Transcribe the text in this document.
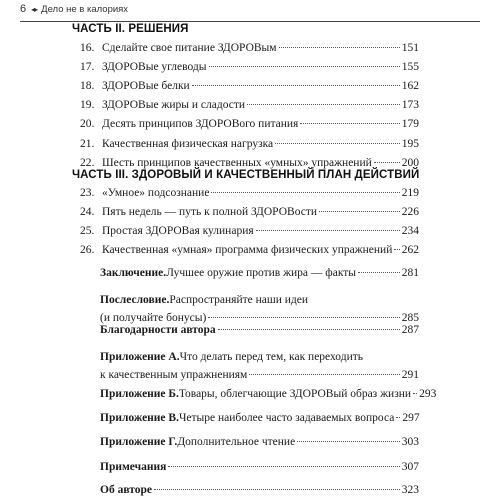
6 ◂▸ Дело не в калориях
ЧАСТЬ II. РЕШЕНИЯ
16. Сделайте свое питание ЗДОРОВым	151
17. ЗДОРОВые углеводы	155
18. ЗДОРОВые белки	162
19. ЗДОРОВые жиры и сладости	173
20. Десять принципов ЗДОРОВого питания	179
21. Качественная физическая нагрузка	195
22. Шесть принципов качественных «умных» упражнений	200
ЧАСТЬ III. ЗДОРОВЫЙ И КАЧЕСТВЕННЫЙ ПЛАН ДЕЙСТВИЙ
23. «Умное» подсознание	219
24. Пять недель — путь к полной ЗДОРОВости	226
25. Простая ЗДОРОВая кулинария	234
26. Качественная «умная» программа физических упражнений 262
Заключение. Лучшее оружие против жира — факты	281
Послесловие. Распространяйте наши идеи
(и получайте бонусы)	285
Благодарности автора	287
Приложение А. Что делать перед тем, как переходить
к качественным упражнениям	291
Приложение Б. Товары, облегчающие ЗДОРОВый образ жизни 293
Приложение В. Четыре наиболее часто задаваемых вопроса 297
Приложение Г. Дополнительное чтение	303
Примечания	307
Об авторе	323
